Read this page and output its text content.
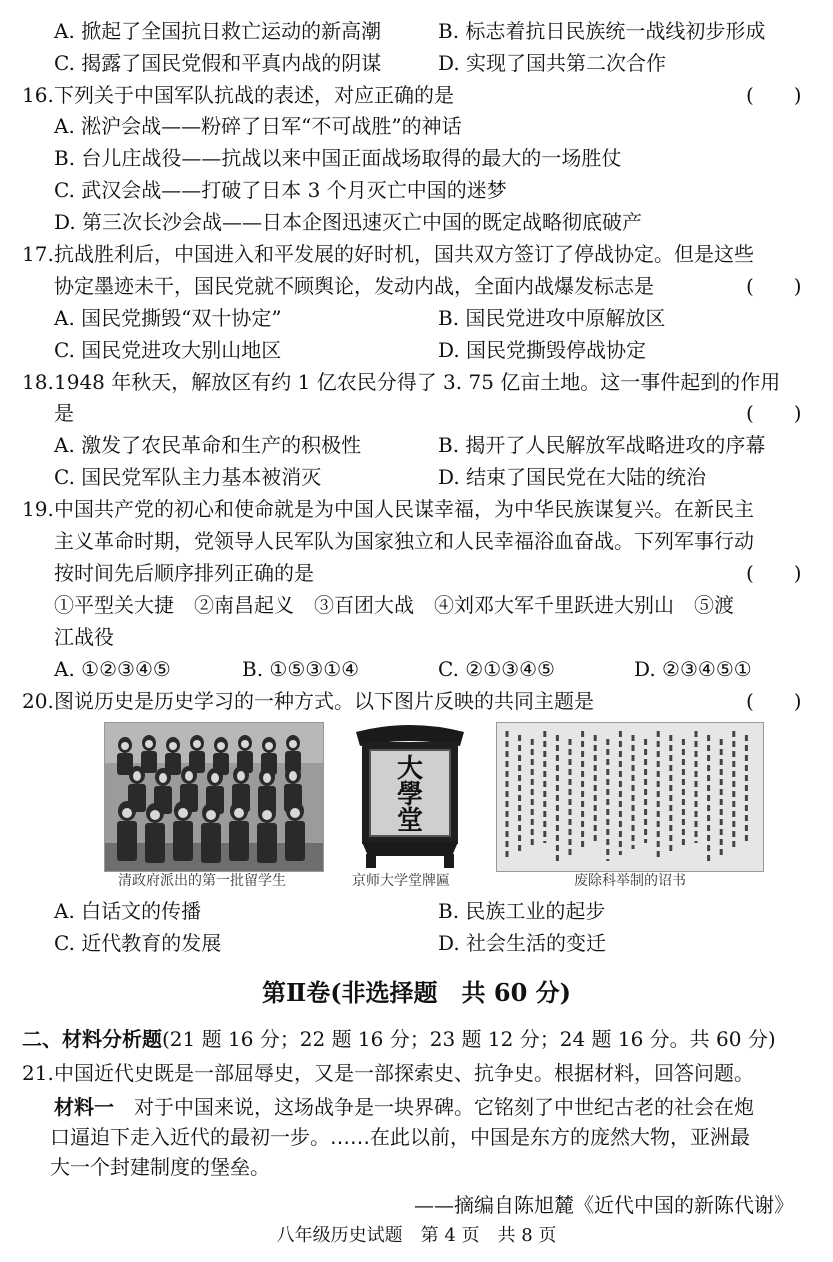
A. 掀起了全国抗日救亡运动的新高潮	B. 标志着抗日民族统一战线初步形成
C. 揭露了国民党假和平真内战的阴谋	D. 实现了国共第二次合作
16. 下列关于中国军队抗战的表述，对应正确的是	(　　)
A. 淞沪会战——粉碎了日军“不可战胜”的神话
B. 台儿庄战役——抗战以来中国正面战场取得的最大的一场胜仗
C. 武汉会战——打破了日本 3 个月灭亡中国的迷梦
D. 第三次长沙会战——日本企图迅速灭亡中国的既定战略彻底破产
17. 抗战胜利后，中国进入和平发展的好时机，国共双方签订了停战协定。但是这些
协定墨迹未干，国民党就不顾舆论，发动内战，全面内战爆发标志是	(　　)
A. 国民党撕毁“双十协定”	B. 国民党进攻中原解放区
C. 国民党进攻大别山地区	D. 国民党撕毁停战协定
18. 1948 年秋天，解放区有约 1 亿农民分得了 3. 75 亿亩土地。这一事件起到的作用
是	(　　)
A. 激发了农民革命和生产的积极性	B. 揭开了人民解放军战略进攻的序幕
C. 国民党军队主力基本被消灭	D. 结束了国民党在大陆的统治
19. 中国共产党的初心和使命就是为中国人民谋幸福，为中华民族谋复兴。在新民主
主义革命时期，党领导人民军队为国家独立和人民幸福浴血奋战。下列军事行动
按时间先后顺序排列正确的是	(　　)
①平型关大捷　②南昌起义　③百团大战　④刘邓大军千里跃进大别山　⑤渡
江战役
A. ①②③④⑤	B. ①⑤③①④	C. ②①③④⑤	D. ②③④⑤①
20. 图说历史是历史学习的一种方式。以下图片反映的共同主题是	(　　)
清政府派出的第一批留学生
大學堂
京师大学堂牌匾	废除科举制的诏书
A. 白话文的传播	B. 民族工业的起步
C. 近代教育的发展	D. 社会生活的变迁
第Ⅱ卷(非选择题　共 60 分)
二、材料分析题(21 题 16 分；22 题 16 分；23 题 12 分；24 题 16 分。共 60 分)
21. 中国近代史既是一部屈辱史，又是一部探索史、抗争史。根据材料，回答问题。
材料一　对于中国来说，这场战争是一块界碑。它铭刻了中世纪古老的社会在炮
口逼迫下走入近代的最初一步。……在此以前，中国是东方的庞然大物，亚洲最
大一个封建制度的堡垒。
——摘编自陈旭麓《近代中国的新陈代谢》
八年级历史试题　第 4 页　共 8 页
